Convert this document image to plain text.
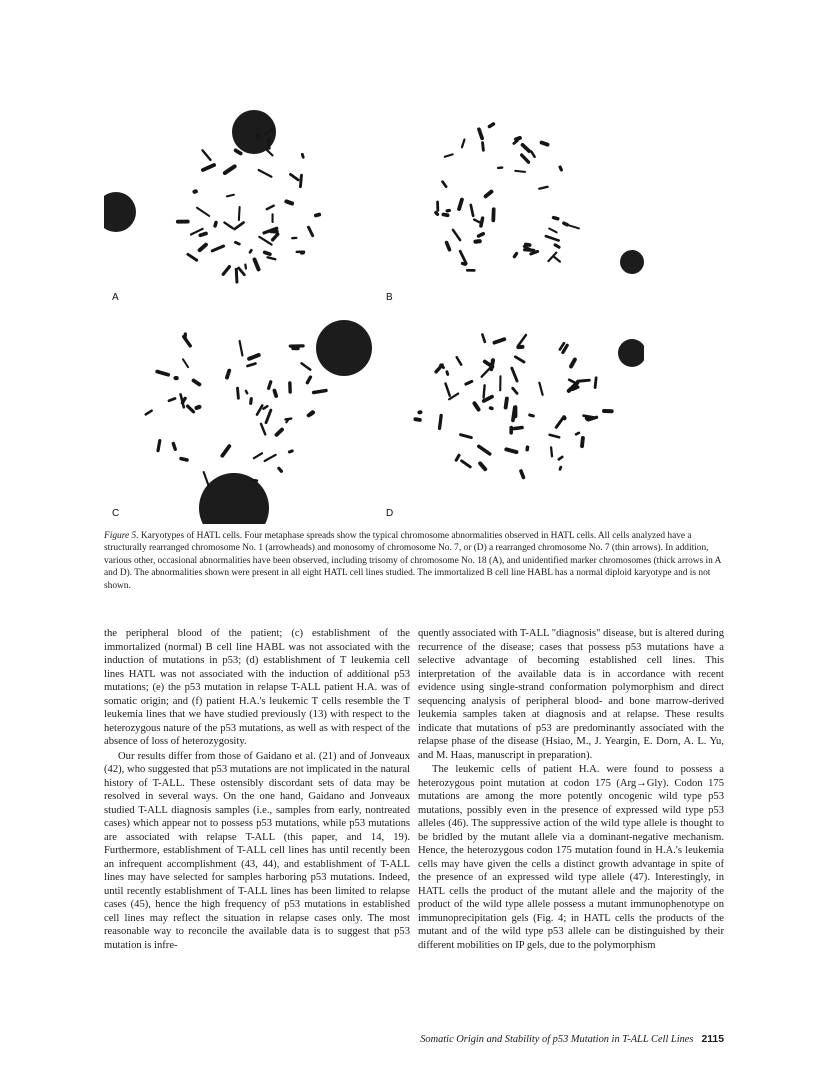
A	B
C	D
Figure 5. Karyotypes of HATL cells. Four metaphase spreads show the typical chromosome abnormalities observed in HATL cells. All cells analyzed have a structurally rearranged chromosome No. 1 (arrowheads) and monosomy of chromosome No. 7, or (D) a rearranged chromosome No. 7 (thin arrows). In addition, various other, occasional abnormalities have been observed, including trisomy of chromosome No. 18 (A), and unidentified marker chromosomes (thick arrows in A and D). The abnormalities shown were present in all eight HATL cell lines studied. The immortalized B cell line HABL has a normal diploid karyotype and is not shown.

the peripheral blood of the patient; (c) establishment of the immortalized (normal) B cell line HABL was not associated with the induction of mutations in p53; (d) establishment of T leukemia cell lines HATL was not associated with the induction of additional p53 mutations; (e) the p53 mutation in relapse T-ALL patient H.A. was of somatic origin; and (f) patient H.A.'s leukemic T cells resemble the T leukemia lines that we have studied previously (13) with respect to the heterozygous nature of the p53 mutations, as well as with respect of the absence of loss of heterozygosity.

Our results differ from those of Gaidano et al. (21) and of Jonveaux (42), who suggested that p53 mutations are not implicated in the natural history of T-ALL. These ostensibly discordant sets of data may be resolved in several ways. On the one hand, Gaidano and Jonveaux studied T-ALL diagnosis samples (i.e., samples from early, nontreated cases) which appear not to possess p53 mutations, while p53 mutations are associated with relapse T-ALL (this paper, and 14, 19). Furthermore, establishment of T-ALL cell lines has until recently been an infrequent accomplishment (43, 44), and establishment of T-ALL lines may have selected for samples harboring p53 mutations. Indeed, until recently establishment of T-ALL lines has been limited to relapse cases (45), hence the high frequency of p53 mutations in established cell lines may reflect the situation in relapse cases only. The most reasonable way to reconcile the available data is to suggest that p53 mutation is infre-

quently associated with T-ALL "diagnosis" disease, but is altered during recurrence of the disease; cases that possess p53 mutations have a selective advantage of becoming established cell lines. This interpretation of the available data is in accordance with recent evidence using single-strand conformation polymorphism and direct sequencing analysis of peripheral blood- and bone marrow-derived leukemia samples taken at diagnosis and at relapse. These results indicate that mutations of p53 are predominantly associated with the relapse phase of the disease (Hsiao, M., J. Yeargin, E. Dorn, A. L. Yu, and M. Haas, manuscript in preparation).

The leukemic cells of patient H.A. were found to possess a heterozygous point mutation at codon 175 (Arg→Gly). Codon 175 mutations are among the more potently oncogenic wild type p53 mutations, possibly even in the presence of expressed wild type p53 alleles (46). The suppressive action of the wild type allele is thought to be bridled by the mutant allele via a dominant-negative mechanism. Hence, the heterozygous codon 175 mutation found in H.A.'s leukemia cells may have given the cells a distinct growth advantage in spite of the presence of an expressed wild type allele (47). Interestingly, in HATL cells the product of the mutant allele and the majority of the product of the wild type allele possess a mutant immunophenotype on immunoprecipitation gels (Fig. 4; in HATL cells the products of the mutant and of the wild type p53 allele can be distinguished by their different mobilities on IP gels, due to the polymorphism

Somatic Origin and Stability of p53 Mutation in T-ALL Cell Lines 2115
